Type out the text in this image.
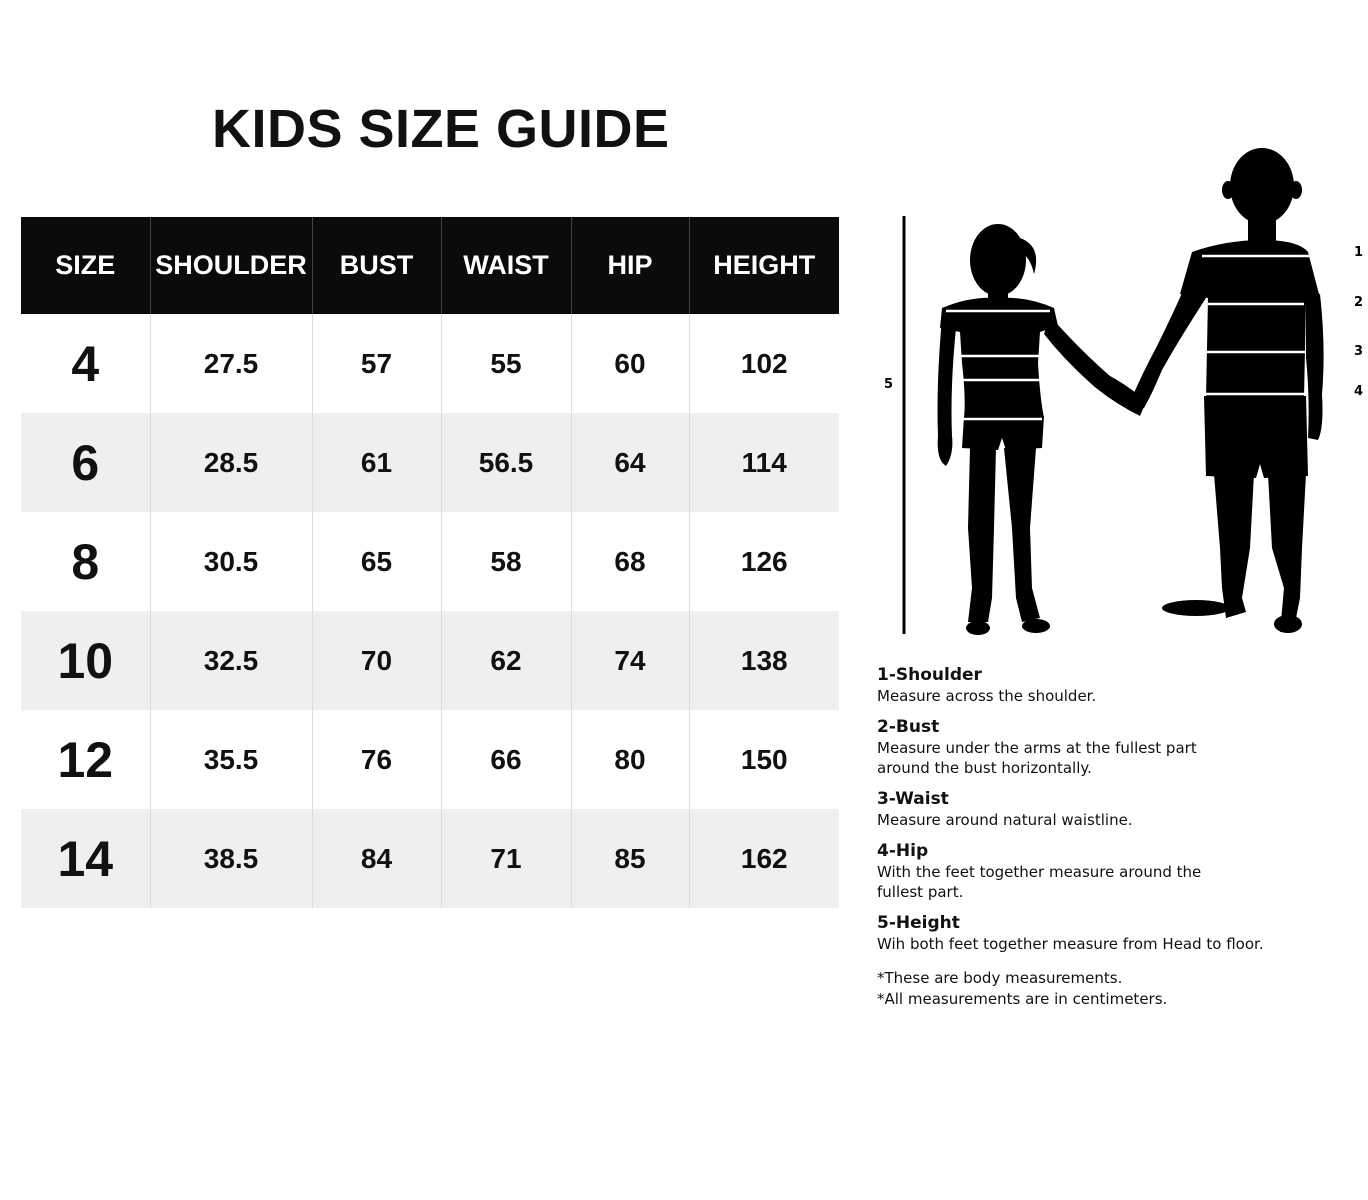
KIDS SIZE GUIDE
SIZE	SHOULDER	BUST	WAIST	HIP	HEIGHT
4	27.5	57	55	60	102
6	28.5	61	56.5	64	114
8	30.5	65	58	68	126
10	32.5	70	62	74	138
12	35.5	76	66	80	150
14	38.5	84	71	85	162
1
2
3
4
5
1-Shoulder
Measure across the shoulder.
2-Bust
Measure under the arms at the fullest part
around the bust horizontally.
3-Waist
Measure around natural waistline.
4-Hip
With the feet together measure around the
fullest part.
5-Height
Wih both feet together measure from Head to floor.
*These are body measurements.
*All measurements are in centimeters.
